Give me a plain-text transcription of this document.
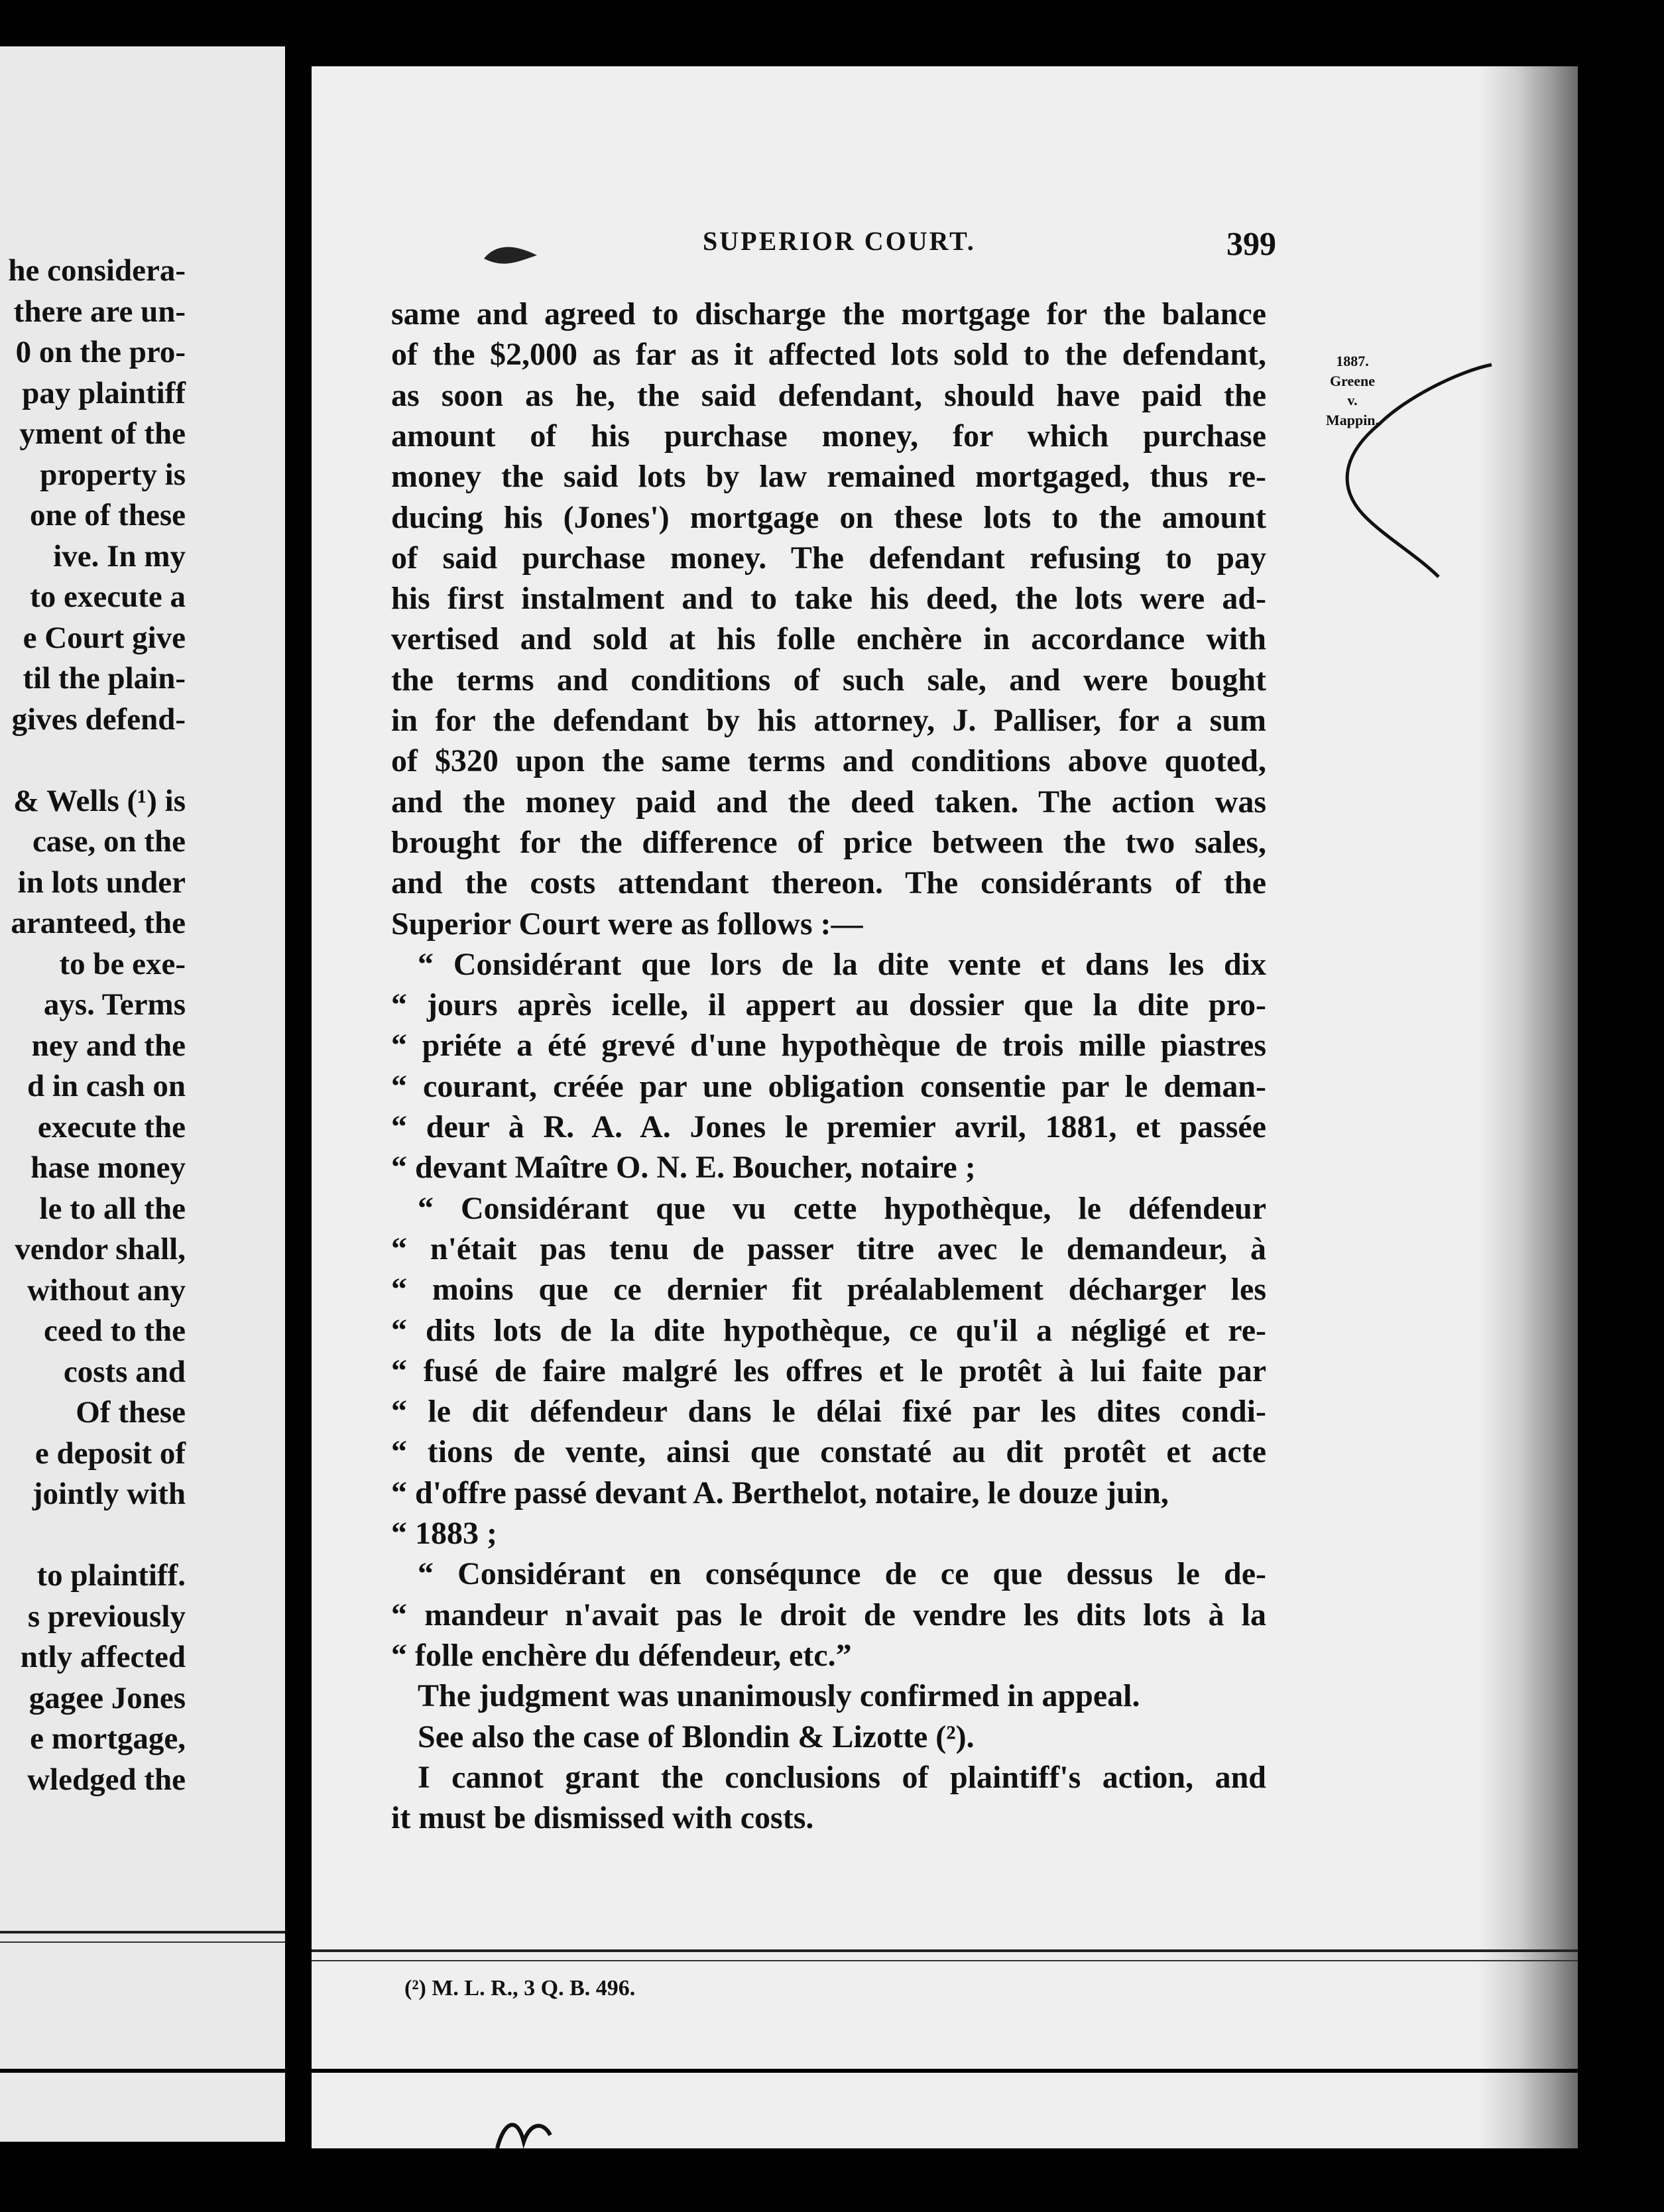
he considera-
there are un-
0 on the pro-
pay plaintiff
yment of the
property is
one of these
ive. In my
to execute a
e Court give
til the plain-
gives defend-
& Wells (¹) is
case, on the
in lots under
aranteed, the
to be exe-
ays. Terms
ney and the
d in cash on
execute the
hase money
le to all the
vendor shall,
without any
ceed to the
costs and
Of these
e deposit of
jointly with
to plaintiff.
s previously
ntly affected
gagee Jones
e mortgage,
wledged the
SUPERIOR COURT.	399
1887.
Greene
v.
Mappin.
same and agreed to discharge the mortgage for the balance
of the $2,000 as far as it affected lots sold to the defendant,
as soon as he, the said defendant, should have paid the
amount of his purchase money, for which purchase
money the said lots by law remained mortgaged, thus re-
ducing his (Jones') mortgage on these lots to the amount
of said purchase money. The defendant refusing to pay
his first instalment and to take his deed, the lots were ad-
vertised and sold at his folle enchère in accordance with
the terms and conditions of such sale, and were bought
in for the defendant by his attorney, J. Palliser, for a sum
of $320 upon the same terms and conditions above quoted,
and the money paid and the deed taken. The action was
brought for the difference of price between the two sales,
and the costs attendant thereon. The considérants of the
Superior Court were as follows :—
“ Considérant que lors de la dite vente et dans les dix
“ jours après icelle, il appert au dossier que la dite pro-
“ priéte a été grevé d'une hypothèque de trois mille piastres
“ courant, créée par une obligation consentie par le deman-
“ deur à R. A. A. Jones le premier avril, 1881, et passée
“ devant Maître O. N. E. Boucher, notaire ;
“ Considérant que vu cette hypothèque, le défendeur
“ n'était pas tenu de passer titre avec le demandeur, à
“ moins que ce dernier fit préalablement décharger les
“ dits lots de la dite hypothèque, ce qu'il a négligé et re-
“ fusé de faire malgré les offres et le protêt à lui faite par
“ le dit défendeur dans le délai fixé par les dites condi-
“ tions de vente, ainsi que constaté au dit protêt et acte
“ d'offre passé devant A. Berthelot, notaire, le douze juin,
“ 1883 ;
“ Considérant en conséqunce de ce que dessus le de-
“ mandeur n'avait pas le droit de vendre les dits lots à la
“ folle enchère du défendeur, etc.”
The judgment was unanimously confirmed in appeal.
See also the case of Blondin & Lizotte (²).
I cannot grant the conclusions of plaintiff's action, and
it must be dismissed with costs.
(²) M. L. R., 3 Q. B. 496.
